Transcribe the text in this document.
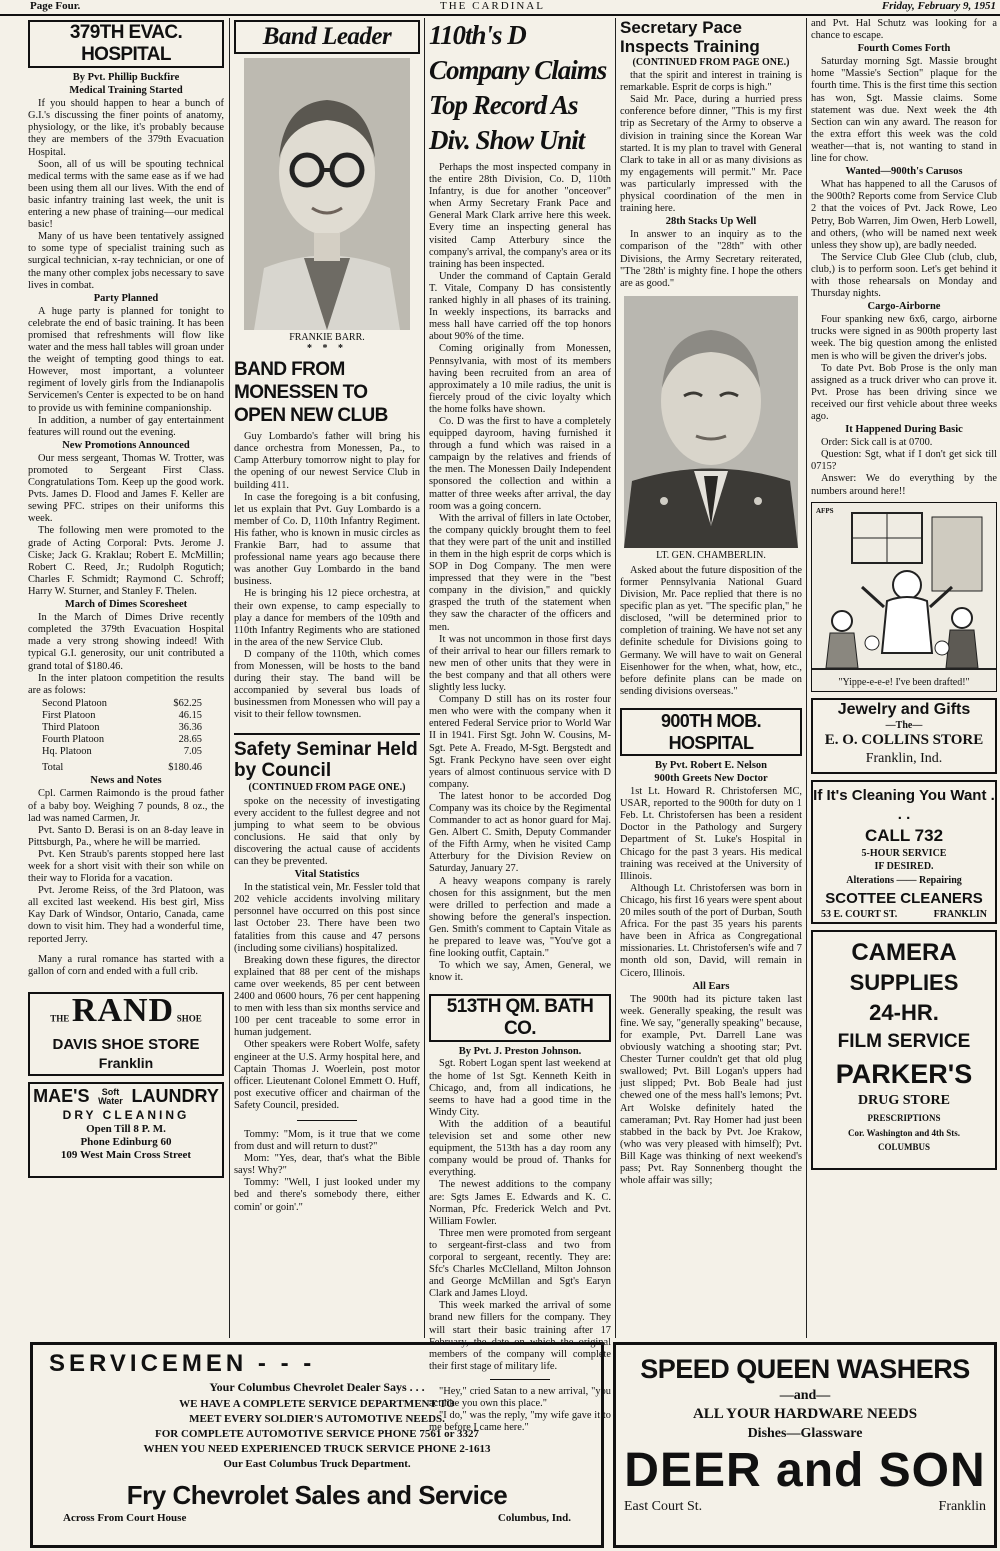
Page Four.	THE CARDINAL	Friday, February 9, 1951
379TH EVAC. HOSPITAL
By Pvt. Phillip Buckfire
Medical Training Started

If you should happen to hear a bunch of G.I.'s discussing the finer points of anatomy, physiology, or the like, it's probably because they are members of the 379th Evacuation Hospital.

Soon, all of us will be spouting technical medical terms with the same ease as if we had been using them all our lives. With the end of basic infantry training last week, the unit is entering a new phase of training—our medical basic!

Many of us have been tentatively assigned to some type of specialist training such as surgical technician, x-ray technician, or one of the many other complex jobs necessary to save lives in combat.

Party Planned

A huge party is planned for tonight to celebrate the end of basic training. It has been promised that refreshments will flow like water and the mess hall tables will groan under the weight of tempting good things to eat. However, most important, a volunteer regiment of lovely girls from the Indianapolis Servicemen's Center is expected to be on hand to provide us with feminine companionship.

In addition, a number of gay entertainment features will round out the evening.

New Promotions Announced

Our mess sergeant, Thomas W. Trotter, was promoted to Sergeant First Class. Congratulations Tom. Keep up the good work. Pvts. James D. Flood and James F. Keller are sewing PFC. stripes on their uniforms this week.

The following men were promoted to the grade of Acting Corporal: Pvts. Jerome J. Ciske; Jack G. Kraklau; Robert E. McMillin; Robert C. Reed, Jr.; Rudolph Rogutich; Charles F. Schmidt; Raymond C. Schroff; Harry W. Sturner, and Stanley F. Thelen.

March of Dimes Scoresheet

In the March of Dimes Drive recently completed the 379th Evacuation Hospital made a very strong showing indeed! With typical G.I. generosity, our unit contributed a grand total of $180.46.

In the inter platoon competition the results are as folows:

Second Platoon	$62.25
First Platoon	46.15
Third Platoon	36.36
Fourth Platoon	28.65
Hq. Platoon	7.05
Total	$180.46
News and Notes

Cpl. Carmen Raimondo is the proud father of a baby boy. Weighing 7 pounds, 8 oz., the lad was named Carmen, Jr.

Pvt. Santo D. Berasi is on an 8-day leave in Pittsburgh, Pa., where he will be married.

Pvt. Ken Straub's parents stopped here last week for a short visit with their son while on their way to Florida for a vacation.

Pvt. Jerome Reiss, of the 3rd Platoon, was all excited last weekend. His best girl, Miss Kay Dark of Windsor, Ontario, Canada, came down to visit him. They had a wonderful time, reported Jerry.

Many a rural romance has started with a gallon of corn and ended with a full crib.

THE RAND SHOE
DAVIS SHOE STORE
Franklin
MAE'S Soft Water LAUNDRY
DRY CLEANING
Open Till 8 P. M.
Phone Edinburg 60
109 West Main Cross Street
Band Leader
FRANKIE BARR.
* * *
BAND FROM MONESSEN TO OPEN NEW CLUB

Guy Lombardo's father will bring his dance orchestra from Monessen, Pa., to Camp Atterbury tomorrow night to play for the opening of our newest Service Club in building 411.

In case the foregoing is a bit confusing, let us explain that Pvt. Guy Lombardo is a member of Co. D, 110th Infantry Regiment. His father, who is known in music circles as Frankie Barr, had to assume that professional name years ago because there was another Guy Lombardo in the band business.

He is bringing his 12 piece orchestra, at their own expense, to camp especially to play a dance for members of the 109th and 110th Infantry Regiments who are stationed in the area of the new Service Club.

D company of the 110th, which comes from Monessen, will be hosts to the band during their stay. The band will be accompanied by several bus loads of businessmen from Monessen who will pay a visit to their fellow townsmen.

Safety Seminar Held by Council
(CONTINUED FROM PAGE ONE.)

spoke on the necessity of investigating every accident to the fullest degree and not jumping to what seem to be obvious conclusions. He said that only by discovering the actual cause of accidents can they be prevented.

Vital Statistics

In the statistical vein, Mr. Fessler told that 202 vehicle accidents involving military personnel have occurred on this post since last October 23. There have been two fatalities from this cause and 47 persons (including some civilians) hospitalized.

Breaking down these figures, the director explained that 88 per cent of the mishaps came over weekends, 85 per cent between 2400 and 0600 hours, 76 per cent happening to men with less than six months service and 100 per cent traceable to some error in human judgement.

Other speakers were Robert Wolfe, safety engineer at the U.S. Army hospital here, and Captain Thomas J. Woerlein, post motor officer. Lieutenant Colonel Emmett O. Huff, post executive officer and chairman of the Safety Council, presided.

Tommy: "Mom, is it true that we come from dust and will return to dust?"

Mom: "Yes, dear, that's what the Bible says! Why?"

Tommy: "Well, I just looked under my bed and there's somebody there, either comin' or goin'."

110th's D Company Claims Top Record As Div. Show Unit

Perhaps the most inspected company in the entire 28th Division, Co. D, 110th Infantry, is due for another "onceover" when Army Secretary Frank Pace and General Mark Clark arrive here this week. Every time an inspecting general has visited Camp Atterbury since the company's arrival, the company's area or its training has been inspected.

Under the command of Captain Gerald T. Vitale, Company D has consistently ranked highly in all phases of its training. In weekly inspections, its barracks and mess hall have carried off the top honors about 90% of the time.

Coming originally from Monessen, Pennsylvania, with most of its members having been recruited from an area of approximately a 10 mile radius, the unit is fiercely proud of the civic loyalty which the home folks have shown.

Co. D was the first to have a completely equipped dayroom, having furnished it through a fund which was raised in a campaign by the relatives and friends of the men. The Monessen Daily Independent sponsored the collection and within a matter of three weeks after arrival, the day room was a going concern.

With the arrival of fillers in late October, the company quickly brought them to feel that they were part of the unit and instilled in them in the high esprit de corps which is SOP in Dog Company. The men were impressed that they were in the "best company in the division," and quickly grasped the truth of the statement when they saw the character of the officers and men.

It was not uncommon in those first days of their arrival to hear our fillers remark to new men of other units that they were in the best company and that all others were slightly less lucky.

Company D still has on its roster four men who were with the company when it entered Federal Service prior to World War II in 1941. First Sgt. John W. Cousins, M-Sgt. Pete A. Freado, M-Sgt. Bergstedt and Sgt. Frank Peckyno have seen over eight years of almost continuous service with D company.

The latest honor to be accorded Dog Company was its choice by the Regimental Commander to act as honor guard for Maj. Gen. Albert C. Smith, Deputy Commander of the Fifth Army, when he visited Camp Atterbury for the Division Review on Saturday, January 27.

A heavy weapons company is rarely chosen for this assignment, but the men were drilled to perfection and made a showing before the general's inspection. Gen. Smith's comment to Captain Vitale as he prepared to leave was, "You've got a fine looking outfit, Captain."

To which we say, Amen, General, we know it.

513TH QM. BATH CO.
By Pvt. J. Preston Johnson.

Sgt. Robert Logan spent last weekend at the home of 1st Sgt. Kenneth Keith in Chicago, and, from all indications, he seems to have had a good time in the Windy City.

With the addition of a beautiful television set and some other new equipment, the 513th has a day room any company would be proud of. Thanks for everything.

The newest additions to the company are: Sgts James E. Edwards and K. C. Norman, Pfc. Frederick Welch and Pvt. William Fowler.

Three men were promoted from sergeant to sergeant-first-class and two from corporal to sergeant, recently. They are: Sfc's Charles McClelland, Milton Johnson and George McMillan and Sgt's Earyn Clark and James Lloyd.

This week marked the arrival of some brand new fillers for the company. They will start their basic training after 17 February, the date on which the original members of the company will complete their first stage of military life.

"Hey," cried Satan to a new arrival, "you act like you own this place."

"I do," was the reply, "my wife gave it to me before I came here."

Secretary Pace Inspects Training
(CONTINUED FROM PAGE ONE.)

that the spirit and interest in training is remarkable. Esprit de corps is high."

Said Mr. Pace, during a hurried press conference before dinner, "This is my first trip as Secretary of the Army to observe a division in training since the Korean War started. It is my plan to travel with General Clark to take in all or as many divisions as my engagements will permit." Mr. Pace was particularly impressed with the physical coordination of the men in training here.

28th Stacks Up Well

In answer to an inquiry as to the comparison of the "28th" with other Divisions, the Army Secretary reiterated, "The '28th' is mighty fine. I hope the others are as good."

LT. GEN. CHAMBERLIN.

Asked about the future disposition of the former Pennsylvania National Guard Division, Mr. Pace replied that there is no specific plan as yet. "The specific plan," he disclosed, "will be determined prior to completion of training. We have not set any definite schedule for Divisions going to Germany. We will have to wait on General Eisenhower for the when, what, how, etc., before definite plans can be made on sending divisions overseas."

900TH MOB. HOSPITAL
By Pvt. Robert E. Nelson
900th Greets New Doctor

1st Lt. Howard R. Christofersen MC, USAR, reported to the 900th for duty on 1 Feb. Lt. Christofersen has been a resident Doctor in the Pathology and Surgery Department of St. Luke's Hospital in Chicago for the past 3 years. His medical training was received at the University of Illinois.

Although Lt. Christofersen was born in Chicago, his first 16 years were spent about 20 miles south of the port of Durban, South Africa. For the past 35 years his parents have been in Africa as Congregational missionaries. Lt. Christofersen's wife and 7 month old son, David, will remain in Cicero, Illinois.

All Ears

The 900th had its picture taken last week. Generally speaking, the result was fine. We say, "generally speaking" because, for example, Pvt. Darrell Lane was obviously watching a shooting star; Pvt. Chester Turner couldn't get that old plug swallowed; Pvt. Bill Logan's uppers had just slipped; Pvt. Bob Beale had just chewed one of the mess hall's lemons; Pvt. Art Wolske definitely hated the cameraman; Pvt. Ray Homer had just been stabbed in the back by Pvt. Joe Krakow, (who was very pleased with himself); Pvt. Bill Kage was thinking of next weekend's pass; Pvt. Ray Sonnenberg thought the whole affair was silly;

and Pvt. Hal Schutz was looking for a chance to escape.

Fourth Comes Forth

Saturday morning Sgt. Massie brought home "Massie's Section" plaque for the fourth time. This is the first time this section has won, Sgt. Massie claims. Some statement was due. Next week the 4th Section can win any award. The reason for the extra effort this week was the cold weather—that is, not wanting to stand in line for chow.

Wanted—900th's Carusos

What has happened to all the Carusos of the 900th? Reports come from Service Club 2 that the voices of Pvt. Jack Rowe, Leo Petry, Bob Warren, Jim Owen, Herb Lowell, and others, (who will be named next week unless they show up), are badly needed.

The Service Club Glee Club (club, club, club,) is to perform soon. Let's get behind it with those rehearsals on Monday and Thursday nights.

Cargo-Airborne

Four spanking new 6x6, cargo, airborne trucks were signed in as 900th property last week. The big question among the enlisted men is who will be given the driver's jobs.

To date Pvt. Bob Prose is the only man assigned as a truck driver who can prove it. Pvt. Prose has been driving since we received our first vehicle about three weeks ago.

It Happened During Basic

Order: Sick call is at 0700.

Question: Sgt, what if I don't get sick till 0715?

Answer: We do everything by the numbers around here!!

AFPS
"Yippe-e-e-e! I've been drafted!"
Jewelry and Gifts
—The—
E. O. COLLINS STORE
Franklin, Ind.
If It's Cleaning You Want . . .
CALL 732
5-HOUR SERVICE
IF DESIRED.
Alterations —— Repairing
SCOTTEE CLEANERS
53 E. COURT ST.	FRANKLIN
CAMERA
SUPPLIES
24-HR.
FILM SERVICE
PARKER'S
DRUG STORE
PRESCRIPTIONS
Cor. Washington and 4th Sts.
COLUMBUS
SERVICEMEN - - -
Your Columbus Chevrolet Dealer Says . . .
WE HAVE A COMPLETE SERVICE DEPARTMENT TO
MEET EVERY SOLDIER'S AUTOMOTIVE NEEDS.
FOR COMPLETE AUTOMOTIVE SERVICE PHONE 7561 or 3327
WHEN YOU NEED EXPERIENCED TRUCK SERVICE PHONE 2-1613
Our East Columbus Truck Department.
Fry Chevrolet Sales and Service
Across From Court House	Columbus, Ind.
SPEED QUEEN WASHERS
—and—
ALL YOUR HARDWARE NEEDS
Dishes—Glassware
DEER and SON
East Court St.	Franklin
